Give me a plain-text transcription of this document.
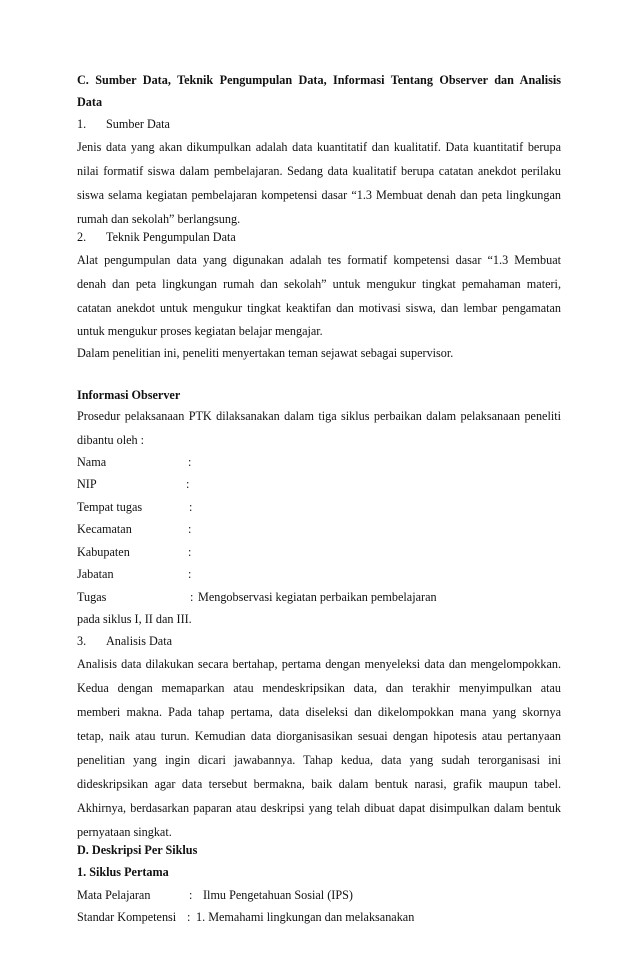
C. Sumber Data, Teknik Pengumpulan Data, Informasi Tentang Observer dan Analisis
Data
1. Sumber Data
Jenis data yang akan dikumpulkan adalah data kuantitatif dan kualitatif. Data kuantitatif berupa
nilai formatif siswa dalam pembelajaran. Sedang data kualitatif berupa catatan anekdot perilaku
siswa selama kegiatan pembelajaran kompetensi dasar “1.3 Membuat denah dan peta lingkungan
rumah dan sekolah” berlangsung.
2. Teknik Pengumpulan Data
Alat pengumpulan data yang digunakan adalah tes formatif kompetensi dasar “1.3 Membuat
denah dan peta lingkungan rumah dan sekolah” untuk mengukur tingkat pemahaman materi,
catatan anekdot untuk mengukur tingkat keaktifan dan motivasi siswa, dan lembar pengamatan
untuk mengukur proses kegiatan belajar mengajar.
Dalam penelitian ini, peneliti menyertakan teman sejawat sebagai supervisor.
Informasi Observer
Prosedur pelaksanaan PTK dilaksanakan dalam tiga siklus perbaikan dalam pelaksanaan peneliti
dibantu oleh :
Nama	:
NIP	:
Tempat tugas	:
Kecamatan	:
Kabupaten	:
Jabatan	:
Tugas	: Mengobservasi kegiatan perbaikan pembelajaran
pada siklus I, II dan III.
3. Analisis Data
Analisis data dilakukan secara bertahap, pertama dengan menyeleksi data dan mengelompokkan.
Kedua dengan memaparkan atau mendeskripsikan data, dan terakhir menyimpulkan atau
memberi makna. Pada tahap pertama, data diseleksi dan dikelompokkan mana yang skornya
tetap, naik atau turun. Kemudian data diorganisasikan sesuai dengan hipotesis atau pertanyaan
penelitian yang ingin dicari jawabannya. Tahap kedua, data yang sudah terorganisasi ini
dideskripsikan agar data tersebut bermakna, baik dalam bentuk narasi, grafik maupun tabel.
Akhirnya, berdasarkan paparan atau deskripsi yang telah dibuat dapat disimpulkan dalam bentuk
pernyataan singkat.
D. Deskripsi Per Siklus
1. Siklus Pertama
Mata Pelajaran	: Ilmu Pengetahuan Sosial (IPS)
Standar Kompetensi : 1. Memahami lingkungan dan melaksanakan
